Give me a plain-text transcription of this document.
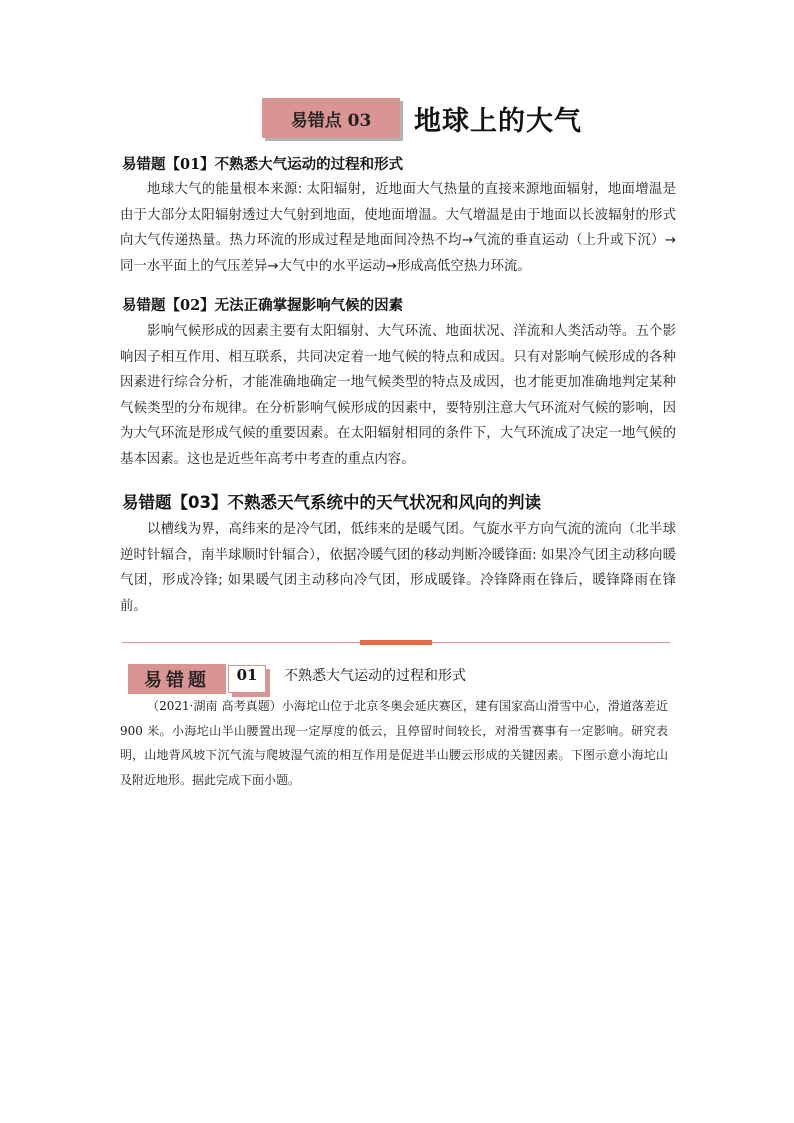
易错点 03	地球上的大气
易错题【01】不熟悉大气运动的过程和形式
地球大气的能量根本来源: 太阳辐射，近地面大气热量的直接来源地面辐射，地面增温是由于大部分太阳辐射透过大气射到地面，使地面增温。大气增温是由于地面以长波辐射的形式向大气传递热量。热力环流的形成过程是地面间冷热不均→气流的垂直运动（上升或下沉）→同一水平面上的气压差异→大气中的水平运动→形成高低空热力环流。
易错题【02】无法正确掌握影响气候的因素
影响气候形成的因素主要有太阳辐射、大气环流、地面状况、洋流和人类活动等。五个影响因子相互作用、相互联系，共同决定着一地气候的特点和成因。只有对影响气候形成的各种因素进行综合分析，才能准确地确定一地气候类型的特点及成因，也才能更加准确地判定某种气候类型的分布规律。在分析影响气候形成的因素中，要特别注意大气环流对气候的影响，因为大气环流是形成气候的重要因素。在太阳辐射相同的条件下，大气环流成了决定一地气候的基本因素。这也是近些年高考中考查的重点内容。
易错题【03】不熟悉天气系统中的天气状况和风向的判读
以槽线为界，高纬来的是冷气团，低纬来的是暖气团。气旋水平方向气流的流向（北半球逆时针辐合，南半球顺时针辐合），依据冷暖气团的移动判断冷暖锋面: 如果冷气团主动移向暖气团，形成冷锋; 如果暖气团主动移向冷气团，形成暖锋。冷锋降雨在锋后，暖锋降雨在锋前。
易错题	01	不熟悉大气运动的过程和形式
（2021·湖南 高考真题）小海坨山位于北京冬奥会延庆赛区，建有国家高山滑雪中心，滑道落差近 900 米。小海坨山半山腰置出现一定厚度的低云，且停留时间较长，对滑雪赛事有一定影响。研究表明，山地背风坡下沉气流与爬坡湿气流的相互作用是促进半山腰云形成的关键因素。下图示意小海坨山及附近地形。据此完成下面小题。
